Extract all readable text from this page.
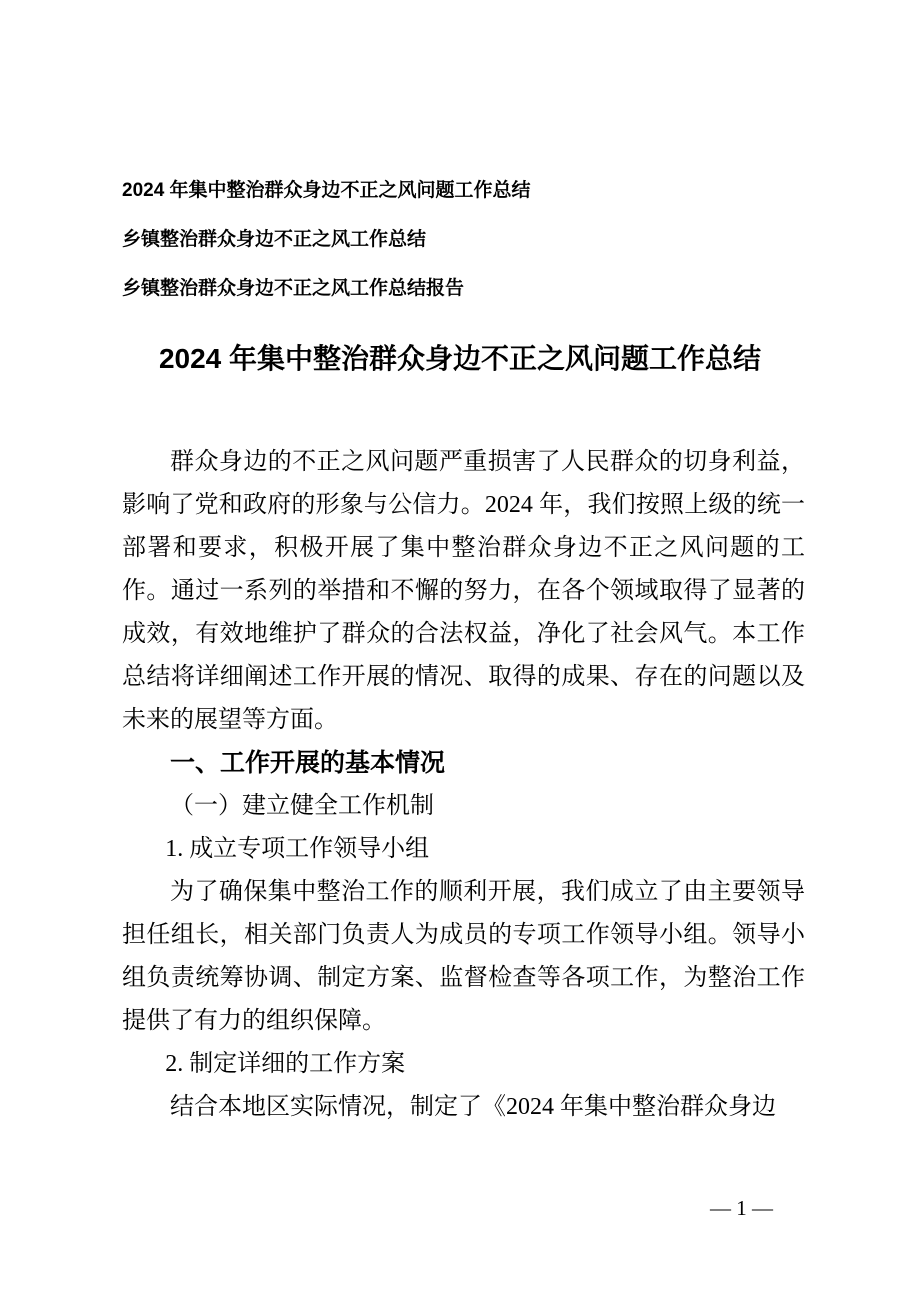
2024 年集中整治群众身边不正之风问题工作总结

乡镇整治群众身边不正之风工作总结

乡镇整治群众身边不正之风工作总结报告

2024 年集中整治群众身边不正之风问题工作总结

群众身边的不正之风问题严重损害了人民群众的切身利益，影响了党和政府的形象与公信力。2024 年，我们按照上级的统一部署和要求，积极开展了集中整治群众身边不正之风问题的工作。通过一系列的举措和不懈的努力，在各个领域取得了显著的成效，有效地维护了群众的合法权益，净化了社会风气。本工作总结将详细阐述工作开展的情况、取得的成果、存在的问题以及未来的展望等方面。

一、工作开展的基本情况

（一）建立健全工作机制

1. 成立专项工作领导小组

为了确保集中整治工作的顺利开展，我们成立了由主要领导担任组长，相关部门负责人为成员的专项工作领导小组。领导小组负责统筹协调、制定方案、监督检查等各项工作，为整治工作提供了有力的组织保障。

2. 制定详细的工作方案

结合本地区实际情况，制定了《2024 年集中整治群众身边

— 1 —
